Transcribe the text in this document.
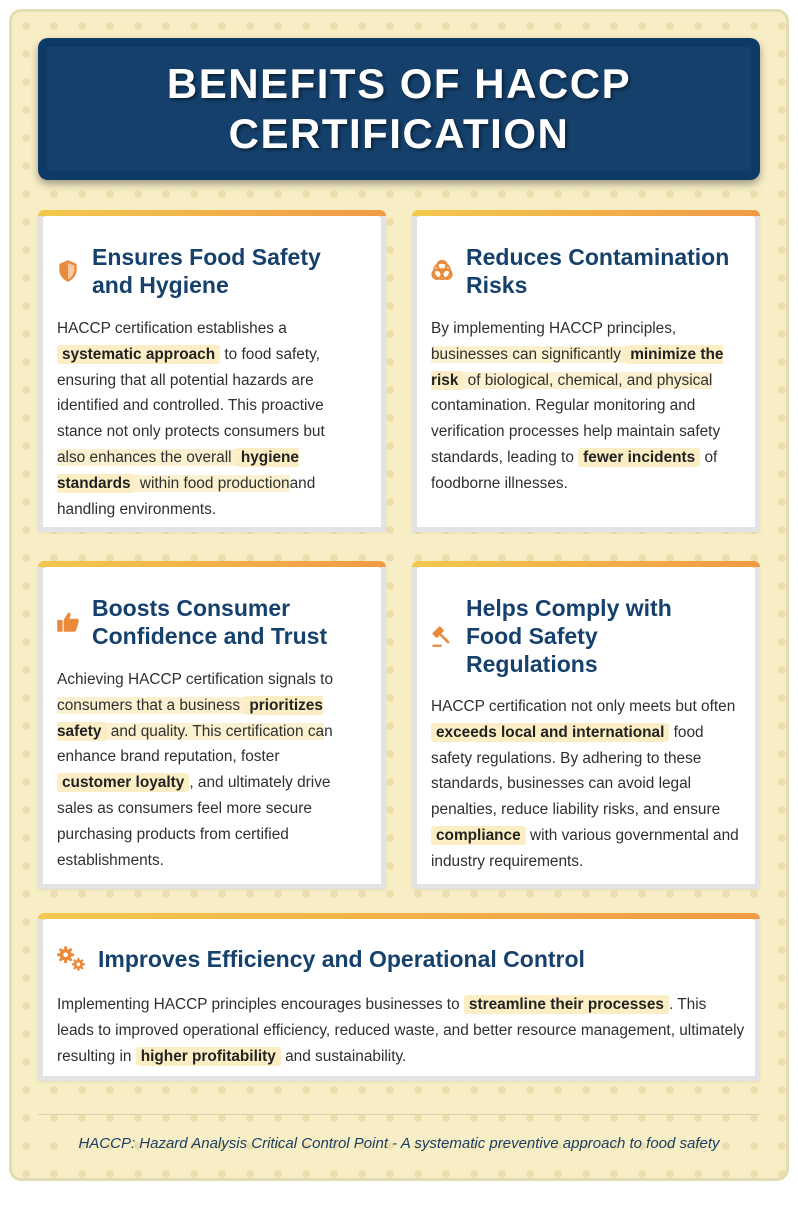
BENEFITS OF HACCP CERTIFICATION
Ensures Food Safety and Hygiene

HACCP certification establishes a systematic approach to food safety, ensuring that all potential hazards are identified and controlled. This proactive stance not only protects consumers but also enhances the overall hygiene standards within food productionand handling environments.

Reduces Contamination Risks

By implementing HACCP principles, businesses can significantly minimize the risk of biological, chemical, and physical contamination. Regular monitoring and verification processes help maintain safety standards, leading to fewer incidents of foodborne illnesses.

Boosts Consumer Confidence and Trust

Achieving HACCP certification signals to consumers that a business prioritizes safety and quality. This certification can enhance brand reputation, foster customer loyalty , and ultimately drive sales as consumers feel more secure purchasing products from certified establishments.

Helps Comply with Food Safety Regulations

HACCP certification not only meets but often exceeds local and international food safety regulations. By adhering to these standards, businesses can avoid legal penalties, reduce liability risks, and ensure compliance with various governmental and industry requirements.

Improves Efficiency and Operational Control

Implementing HACCP principles encourages businesses to streamline their processes . This leads to improved operational efficiency, reduced waste, and better resource management, ultimately resulting in higher profitability and sustainability.

HACCP: Hazard Analysis Critical Control Point - A systematic preventive approach to food safety
